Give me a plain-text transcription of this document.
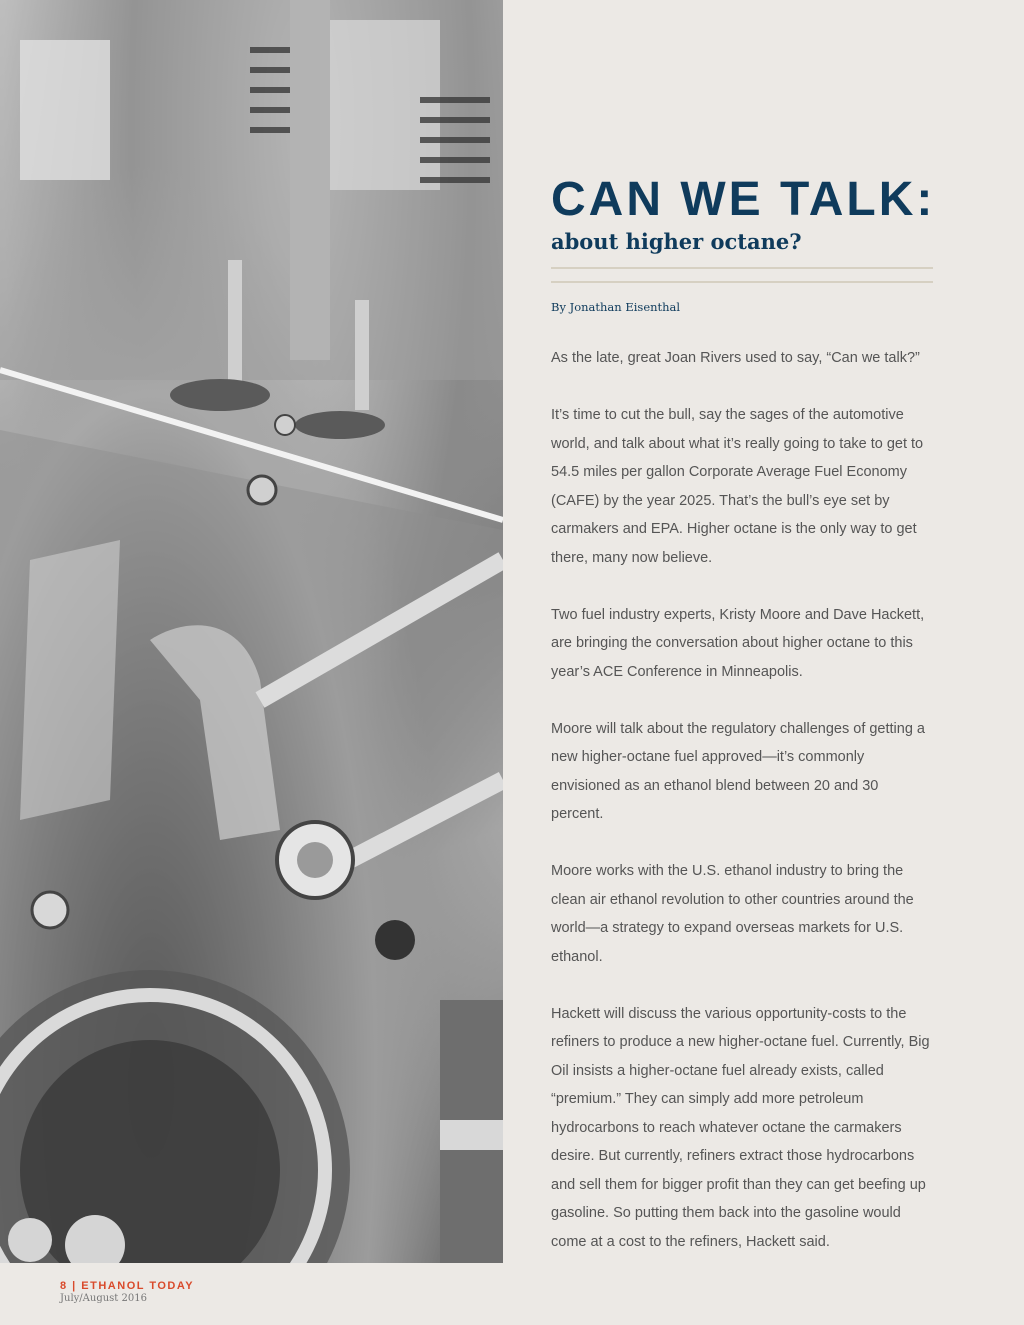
CAN WE TALK:
about higher octane?

By Jonathan Eisenthal

As the late, great Joan Rivers used to say, “Can we talk?”

It’s time to cut the bull, say the sages of the automotive world, and talk about what it’s really going to take to get to 54.5 miles per gallon Corporate Average Fuel Economy (CAFE) by the year 2025. That’s the bull’s eye set by carmakers and EPA. Higher octane is the only way to get there, many now believe.

Two fuel industry experts, Kristy Moore and Dave Hackett, are bringing the conversation about higher octane to this year’s ACE Conference in Minneapolis.

Moore will talk about the regulatory challenges of getting a new higher-octane fuel approved—it’s commonly envisioned as an ethanol blend between 20 and 30 percent.

Moore works with the U.S. ethanol industry to bring the clean air ethanol revolution to other countries around the world—a strategy to expand overseas markets for U.S. ethanol.

Hackett will discuss the various opportunity-costs to the refiners to produce a new higher-octane fuel. Currently, Big Oil insists a higher-octane fuel already exists, called “premium.” They can simply add more petroleum hydrocarbons to reach whatever octane the carmakers desire. But currently, refiners extract those hydrocarbons and sell them for bigger profit than they can get beefing up gasoline. So putting them back into the gasoline would come at a cost to the refiners, Hackett said.

8 | ETHANOL TODAY
July/August 2016
